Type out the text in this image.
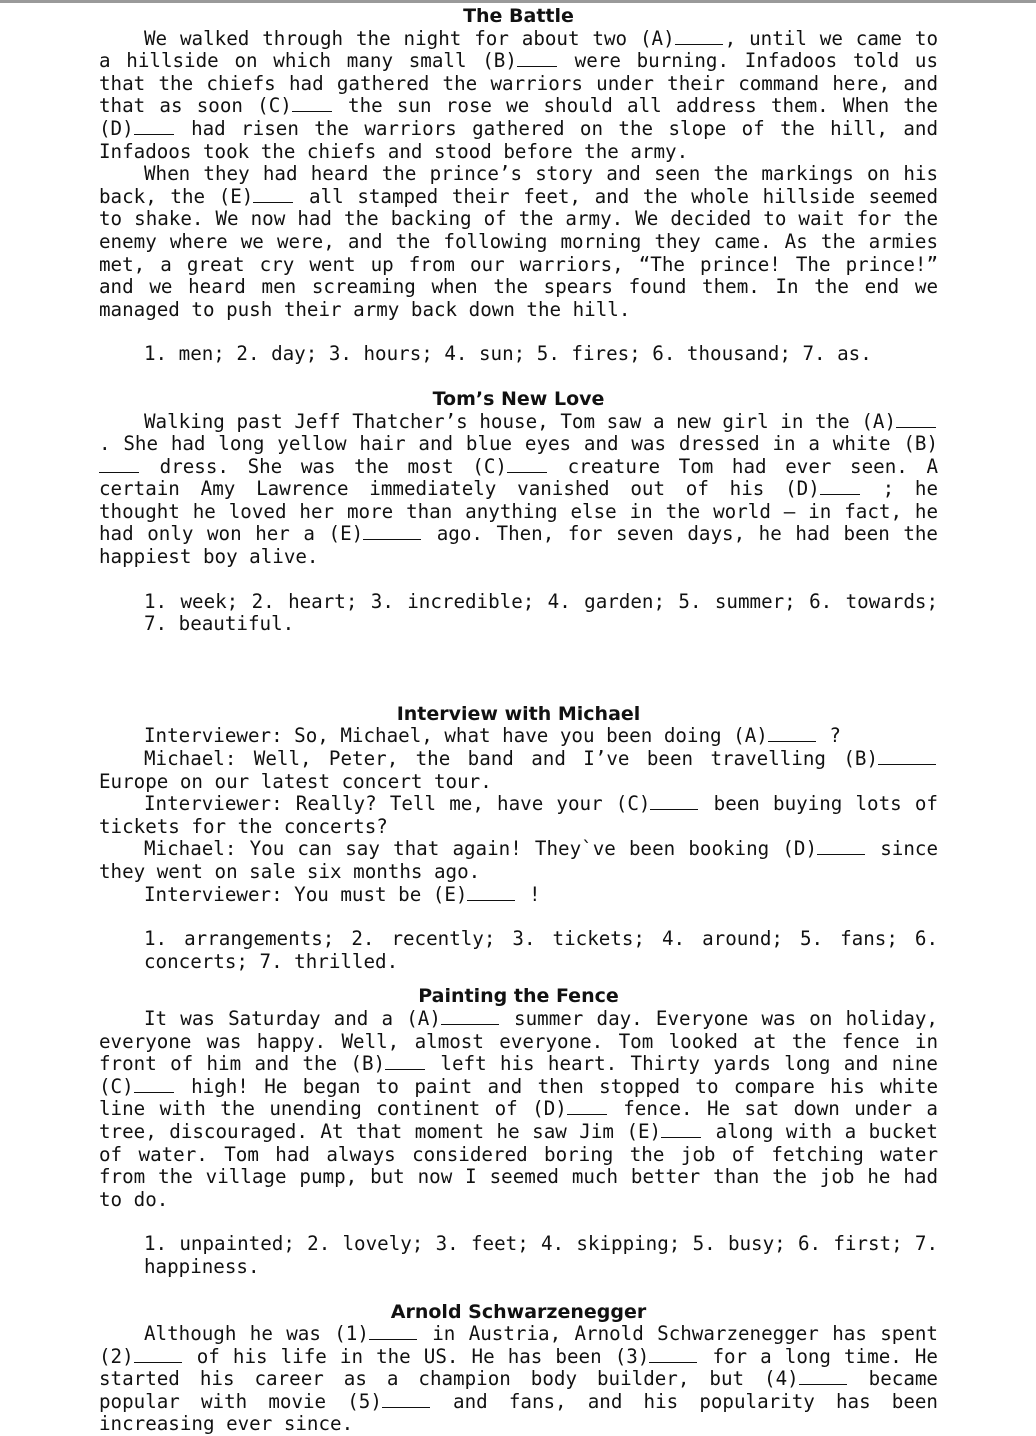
The Battle

We walked through the night for about two (A)	, until we came to a hillside on which many small (B)	were burning. Infadoos told us that the chiefs had gathered the warriors under their command here, and that as soon (C)	the sun rose we should all address them. When the (D)	had risen the warriors gathered on the slope of the hill, and Infadoos took the chiefs and stood before the army.

When they had heard the prince’s story and seen the markings on his back, the (E)	all stamped their feet, and the whole hillside seemed to shake. We now had the backing of the army. We decided to wait for the enemy where we were, and the following morning they came. As the armies met, a great cry went up from our warriors, “The prince! The prince!” and we heard men screaming when the spears found them. In the end we managed to push their army back down the hill.

1. men; 2. day; 3. hours; 4. sun; 5. fires; 6. thousand; 7. as.

Tom’s New Love

Walking past Jeff Thatcher’s house, Tom saw a new girl in the (A). She had long yellow hair and blue eyes and was dressed in a white (B) dress. She was the most (C)	creature Tom had ever seen. A certain Amy Lawrence immediately vanished out of his (D)	; he thought he loved her more than anything else in the world — in fact, he had only won her a (E)	ago. Then, for seven days, he had been the happiest boy alive.

1. week; 2. heart; 3. incredible; 4. garden; 5. summer; 6. towards; 7. beautiful.

Interview with Michael

Interviewer: So, Michael, what have you been doing (A)	?

Michael: Well, Peter, the band and I’ve been travelling (B) Europe on our latest concert tour.

Interviewer: Really? Tell me, have your (C)	been buying lots of tickets for the concerts?

Michael: You can say that again! They`ve been booking (D)	since they went on sale six months ago.

Interviewer: You must be (E)	!

1. arrangements; 2. recently; 3. tickets; 4. around; 5. fans; 6. concerts; 7. thrilled.

Painting the Fence

It was Saturday and a (A)	summer day. Everyone was on holiday, everyone was happy. Well, almost everyone. Tom looked at the fence in front of him and the (B)	left his heart. Thirty yards long and nine (C)	high! He began to paint and then stopped to compare his white line with the unending continent of (D)	fence. He sat down under a tree, discouraged. At that moment he saw Jim (E)	along with a bucket of water. Tom had always considered boring the job of fetching water from the village pump, but now I seemed much better than the job he had to do.

1. unpainted; 2. lovely; 3. feet; 4. skipping; 5. busy; 6. first; 7. happiness.

Arnold Schwarzenegger

Although he was (1)	in Austria, Arnold Schwarzenegger has spent (2)	of his life in the US. He has been (3)	for a long time. He started his career as a champion body builder, but (4)	became popular with movie (5)	and fans, and his popularity has been increasing ever since.
